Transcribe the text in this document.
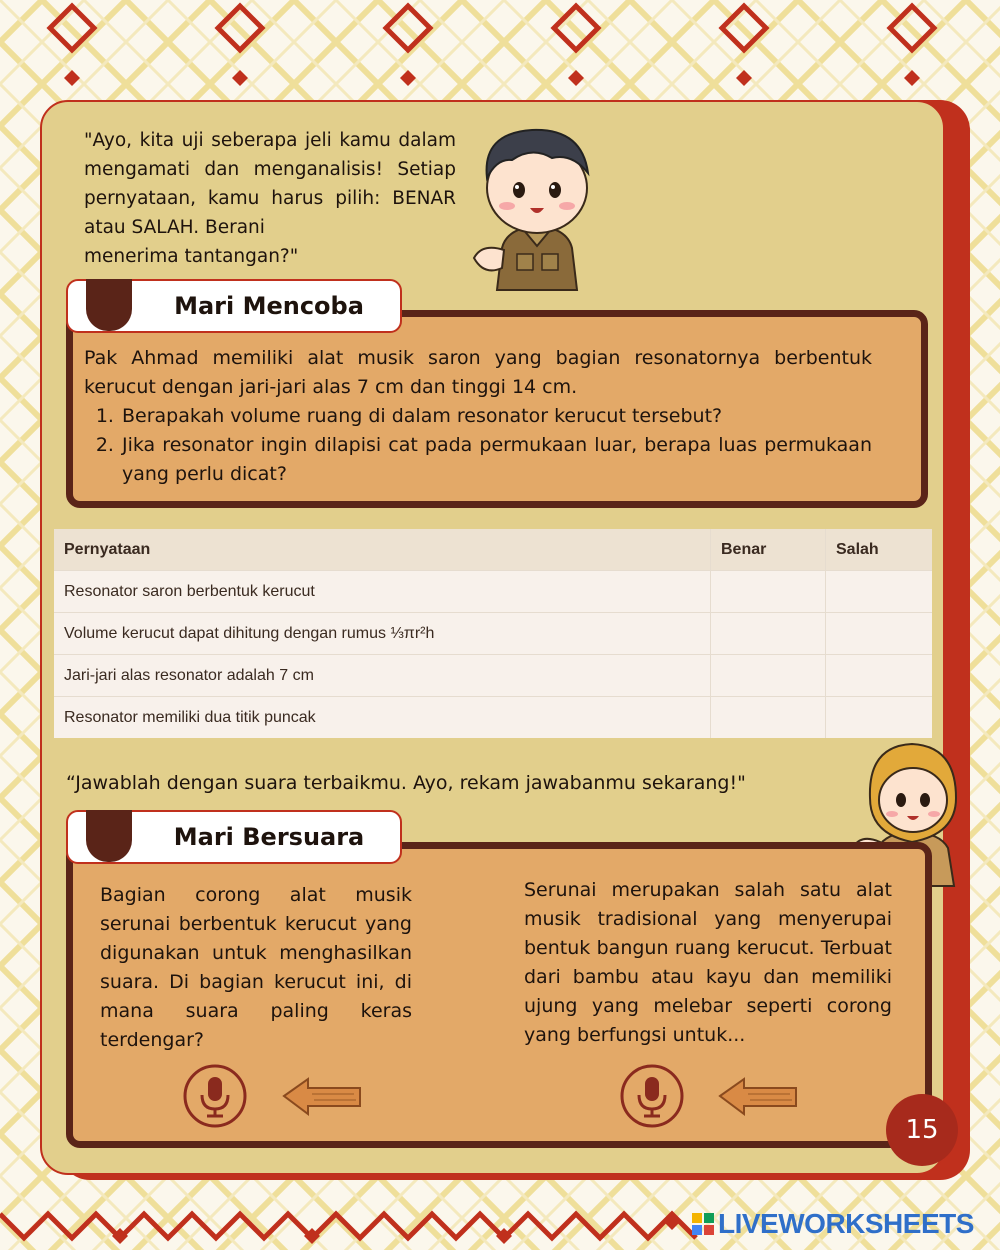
"Ayo, kita uji seberapa jeli kamu dalam mengamati dan menganalisis! Setiap pernyataan, kamu harus pilih: BENAR atau SALAH. Berani
menerima tantangan?"
Mari Mencoba
Pak Ahmad memiliki alat musik saron yang bagian resonatornya berbentuk kerucut dengan jari-jari alas 7 cm dan tinggi 14 cm.
1. Berapakah volume ruang di dalam resonator kerucut tersebut?
2. Jika resonator ingin dilapisi cat pada permukaan luar, berapa luas permukaan yang perlu dicat?
Pernyataan	Benar	Salah
Resonator saron berbentuk kerucut		
Volume kerucut dapat dihitung dengan rumus ⅓πr²h		
Jari-jari alas resonator adalah 7 cm		
Resonator memiliki dua titik puncak		
“Jawablah dengan suara terbaikmu. Ayo, rekam jawabanmu sekarang!"
Mari Bersuara
Bagian corong alat musik serunai berbentuk kerucut yang digunakan untuk menghasilkan suara. Di bagian kerucut ini, di mana suara paling keras terdengar?
Serunai merupakan salah satu alat musik tradisional yang menyerupai bentuk bangun ruang kerucut. Terbuat dari bambu atau kayu dan memiliki ujung yang melebar seperti corong yang berfungsi untuk...
15
LIVEWORKSHEETS
